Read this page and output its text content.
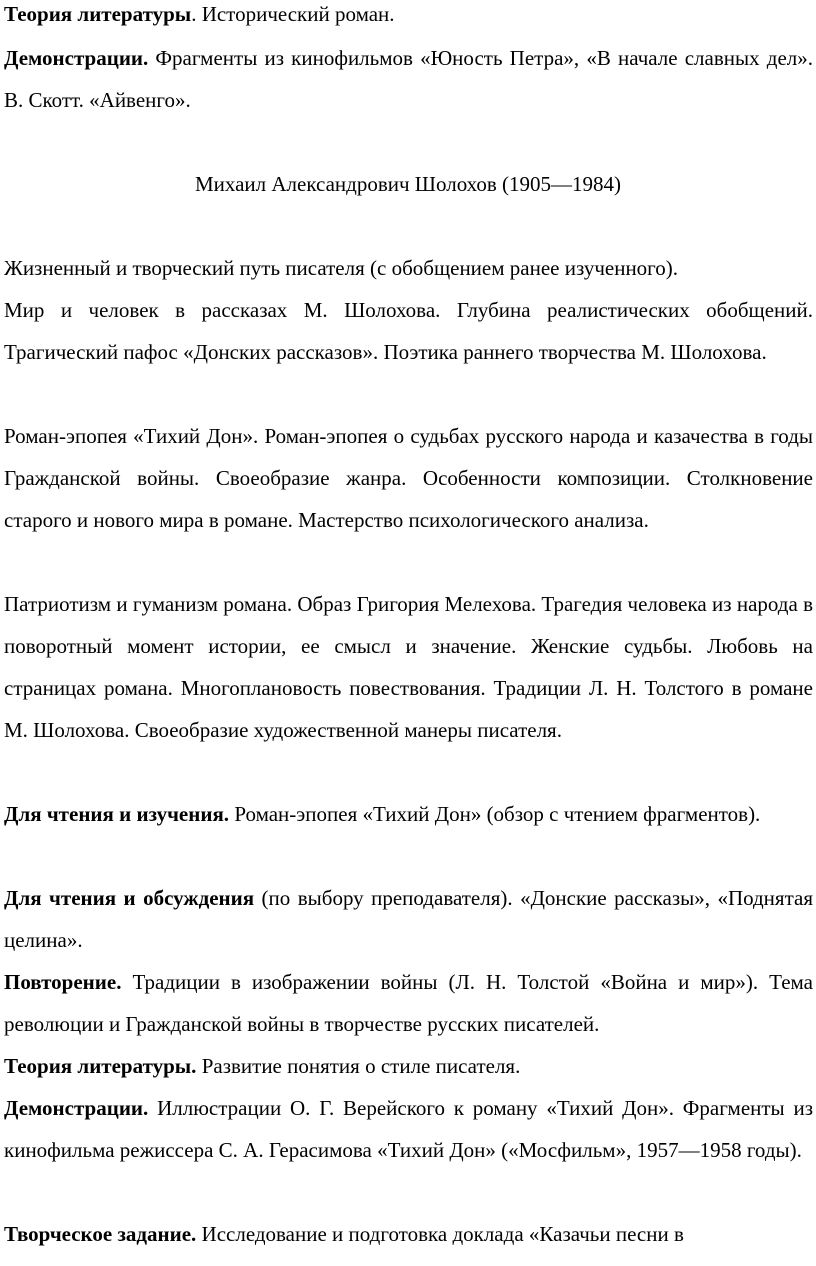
Теория литературы. Исторический роман.

Демонстрации. Фрагменты из кинофильмов «Юность Петра», «В начале славных дел». В. Скотт. «Айвенго».

Михаил Александрович Шолохов (1905—1984)

Жизненный и творческий путь писателя (с обобщением ранее изученного).

Мир и человек в рассказах М. Шолохова. Глубина реалистических обобщений. Трагический пафос «Донских рассказов». Поэтика раннего творчества М. Шолохова.

Роман-эпопея «Тихий Дон». Роман-эпопея о судьбах русского народа и казачества в годы Гражданской войны. Своеобразие жанра. Особенности композиции. Столкновение старого и нового мира в романе. Мастерство психологического анализа.

Патриотизм и гуманизм романа. Образ Григория Мелехова. Трагедия человека из народа в поворотный момент истории, ее смысл и значение. Женские судьбы. Любовь на страницах романа. Многоплановость повествования. Традиции Л. Н. Толстого в романе М. Шолохова. Своеобразие художественной манеры писателя.

Для чтения и изучения. Роман-эпопея «Тихий Дон» (обзор с чтением фрагментов).

Для чтения и обсуждения (по выбору преподавателя). «Донские рассказы», «Поднятая целина».

Повторение. Традиции в изображении войны (Л. Н. Толстой «Война и мир»). Тема революции и Гражданской войны в творчестве русских писателей.

Теория литературы. Развитие понятия о стиле писателя.

Демонстрации. Иллюстрации О. Г. Верейского к роману «Тихий Дон». Фрагменты из кинофильма режиссера С. А. Герасимова «Тихий Дон» («Мосфильм», 1957—1958 годы).

Творческое задание. Исследование и подготовка доклада «Казачьи песни в
